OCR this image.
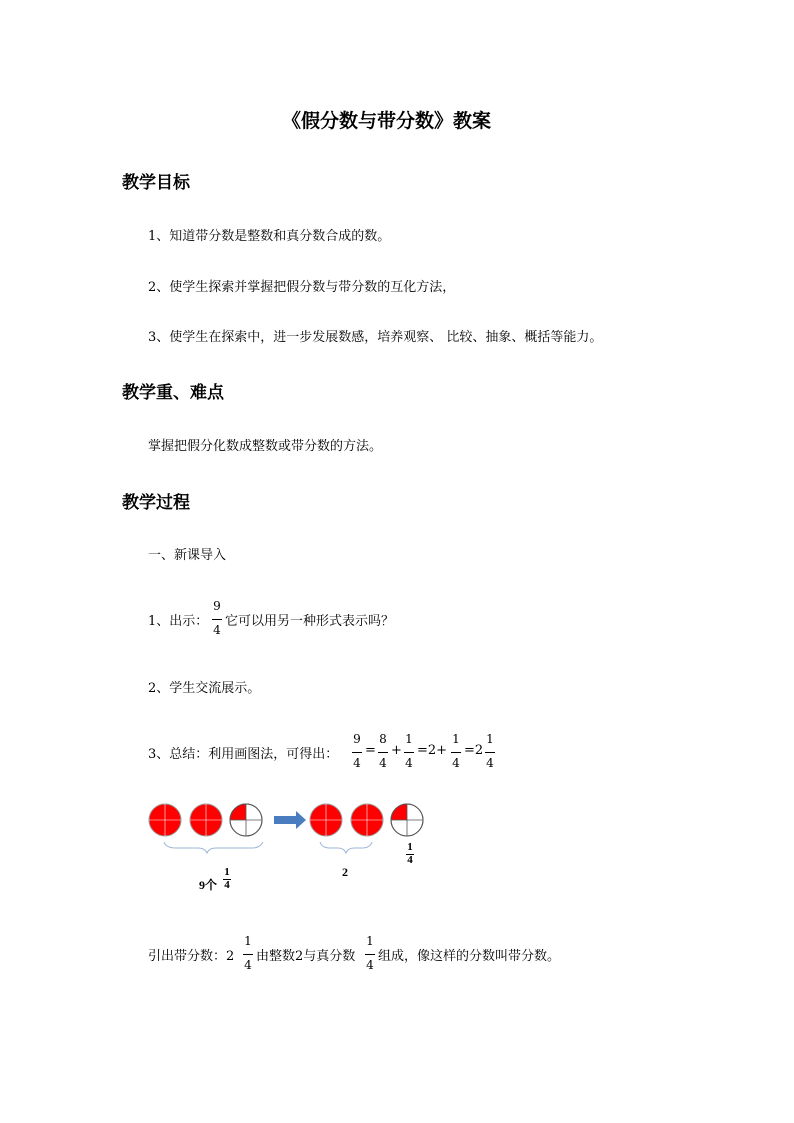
《假分数与带分数》教案
教学目标
1、知道带分数是整数和真分数合成的数。
2、使学生探索并掌握把假分数与带分数的互化方法，
3、使学生在探索中，进一步发展数感，培养观察、 比较、抽象、概括等能力。
教学重、难点
掌握把假分化数成整数或带分数的方法。
教学过程
一、新课导入
1、出示：
9
4
它可以用另一种形式表示吗？
2、学生交流展示。
3、总结：利用画图法，可得出：
9
4
=
8
4
+
1
4
=2+
1
4
=2
1
4
9个
1
4
2
1
4
引出带分数：2
1
4
由整数2与真分数
1
4
组成，像这样的分数叫带分数。
